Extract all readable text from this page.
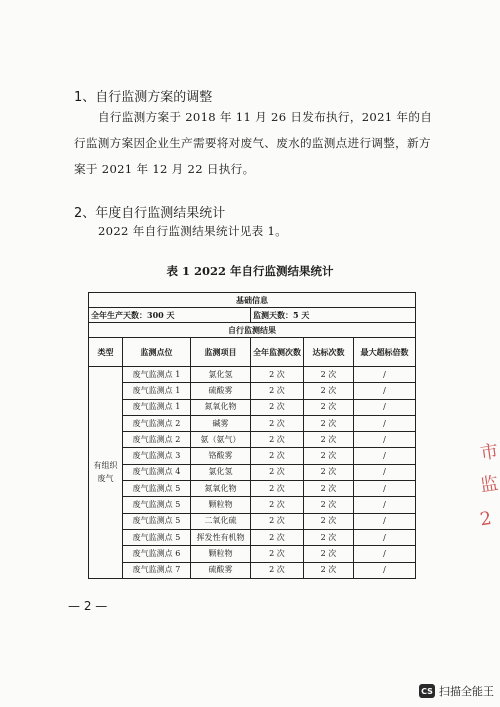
1、自行监测方案的调整
自行监测方案于 2018 年 11 月 26 日发布执行，2021 年的自行监测方案因企业生产需要将对废气、废水的监测点进行调整，新方案于 2021 年 12 月 22 日执行。
2、年度自行监测结果统计
2022 年自行监测结果统计见表 1。
表 1 2022 年自行监测结果统计
基础信息					
全年生产天数：300 天			监测天数：5 天		
自行监测结果					
类型	监测点位	监测项目	全年监测次数	达标次数	最大超标倍数
有组织废气	废气监测点 1	氯化氢	2 次	2 次	/
	废气监测点 1	硫酸雾	2 次	2 次	/
	废气监测点 1	氮氧化物	2 次	2 次	/
	废气监测点 2	碱雾	2 次	2 次	/
	废气监测点 2	氨（氨气）	2 次	2 次	/
	废气监测点 3	铬酸雾	2 次	2 次	/
	废气监测点 4	氯化氢	2 次	2 次	/
	废气监测点 5	氮氧化物	2 次	2 次	/
	废气监测点 5	颗粒物	2 次	2 次	/
	废气监测点 5	二氧化硫	2 次	2 次	/
	废气监测点 5	挥发性有机物	2 次	2 次	/
	废气监测点 6	颗粒物	2 次	2 次	/
	废气监测点 7	硫酸雾	2 次	2 次	/
— 2 —
市
监
2
CS 扫描全能王
